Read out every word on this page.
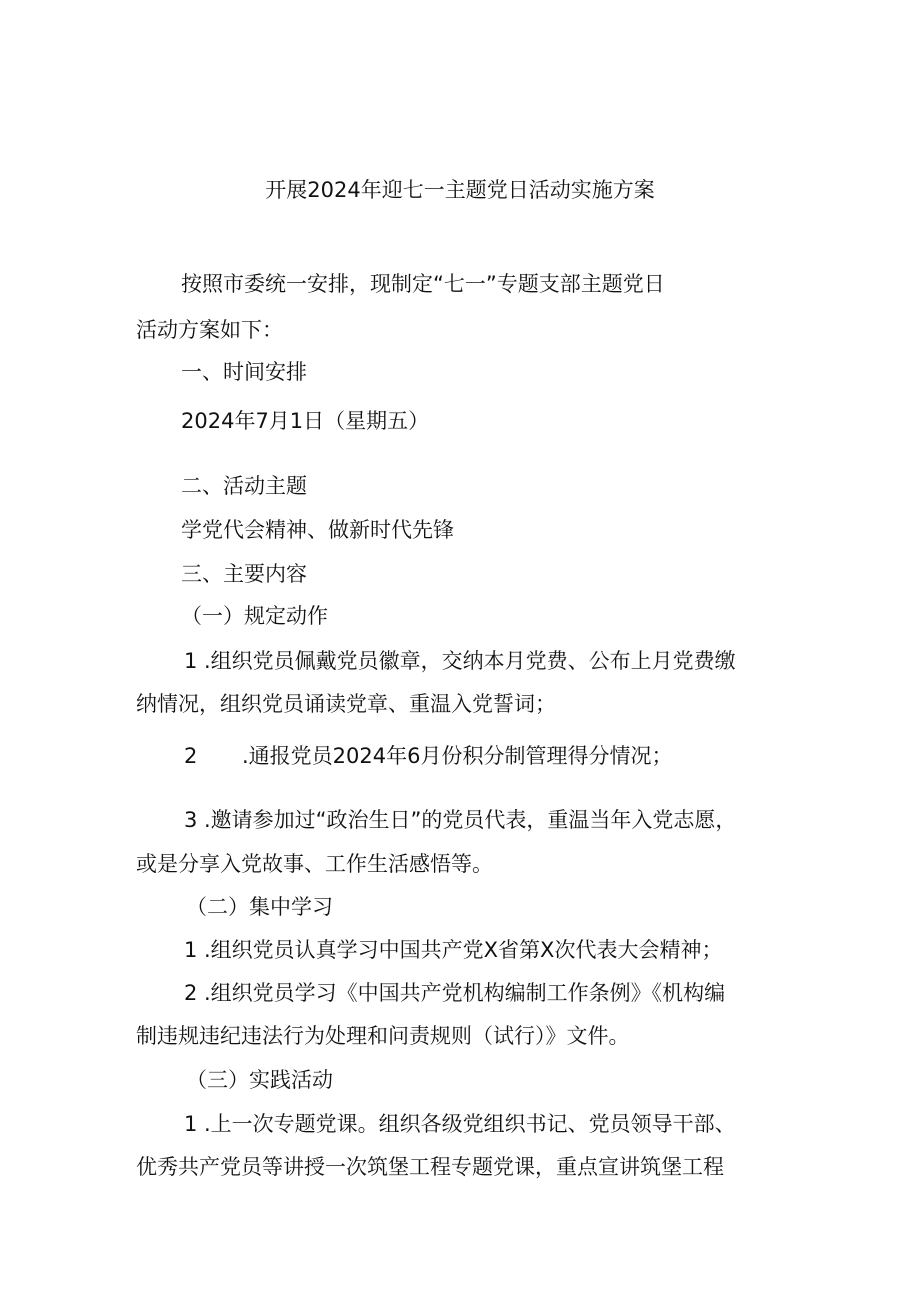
开展2024年迎七一主题党日活动实施方案
按照市委统一安排，现制定“七一”专题支部主题党日
活动方案如下：
一、时间安排
2024年7月1日（星期五）
二、活动主题
学党代会精神、做新时代先锋
三、主要内容
（一）规定动作
1 .组织党员佩戴党员徽章，交纳本月党费、公布上月党费缴
纳情况，组织党员诵读党章、重温入党誓词；
2 .通报党员2024年6月份积分制管理得分情况；
3 .邀请参加过“政治生日”的党员代表，重温当年入党志愿，
或是分享入党故事、工作生活感悟等。
（二）集中学习
1 .组织党员认真学习中国共产党X省第X次代表大会精神；
2 .组织党员学习《中国共产党机构编制工作条例》《机构编
制违规违纪违法行为处理和问责规则（试行）》文件。
（三）实践活动
1 .上一次专题党课。组织各级党组织书记、党员领导干部、
优秀共产党员等讲授一次筑堡工程专题党课，重点宣讲筑堡工程
